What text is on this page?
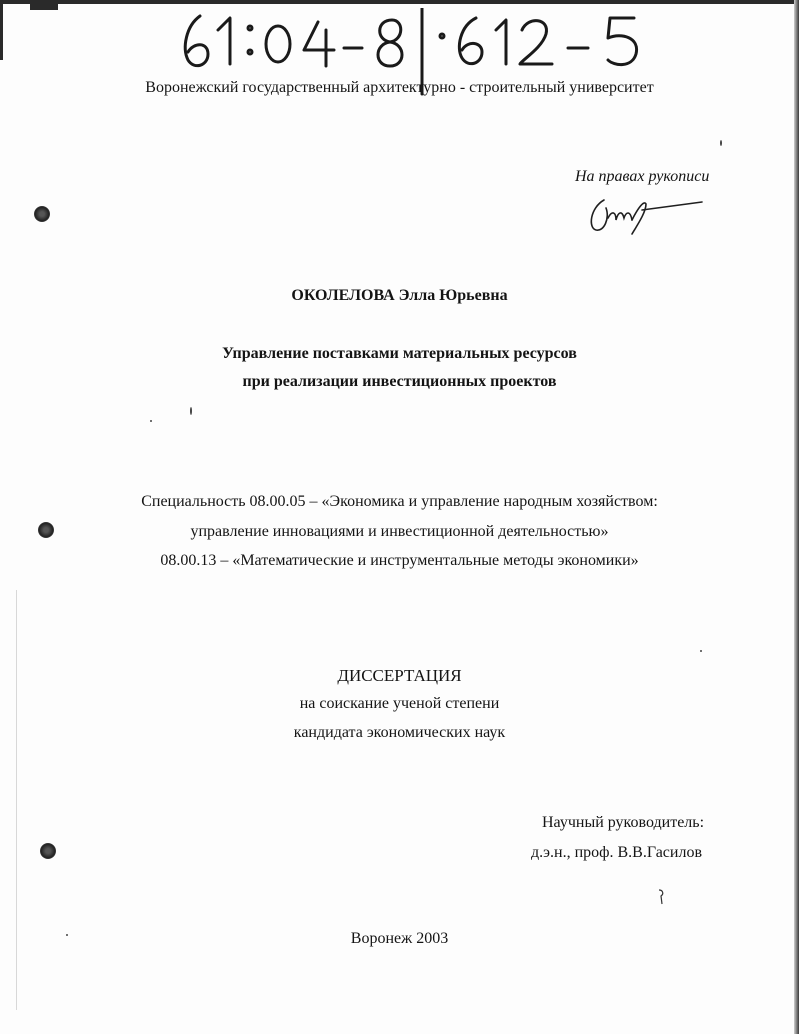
Воронежский государственный архитектурно - строительный университет
На правах рукописи
ОКОЛЕЛОВА Элла Юрьевна
Управление поставками материальных ресурсов
при реализации инвестиционных проектов
Специальность 08.00.05 – «Экономика и управление народным хозяйством:
управление инновациями и инвестиционной деятельностью»
08.00.13 – «Математические и инструментальные методы экономики»
ДИССЕРТАЦИЯ
на соискание ученой степени
кандидата экономических наук
Научный руководитель:
д.э.н., проф. В.В.Гасилов
Воронеж 2003
